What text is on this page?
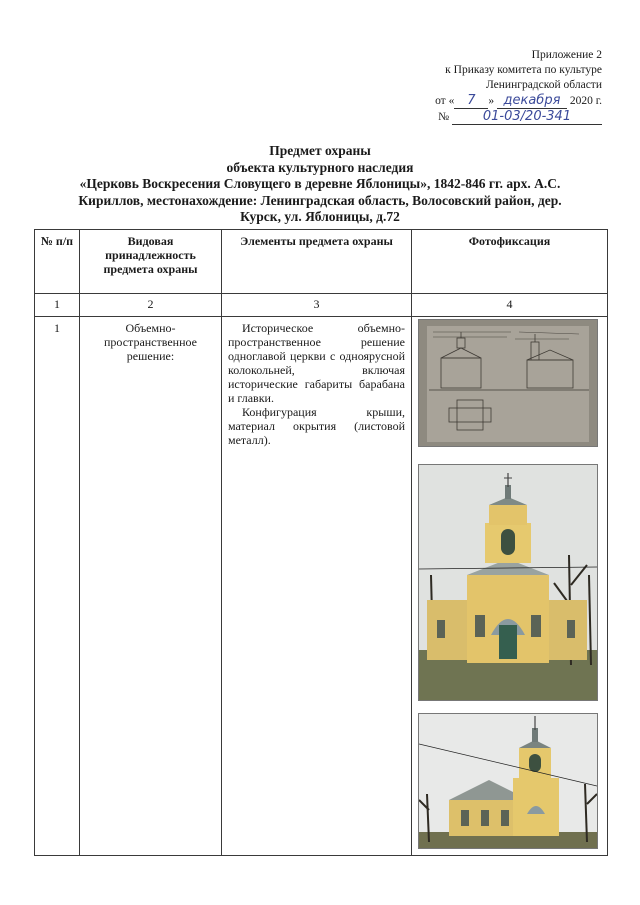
Приложение 2
к Приказу комитета по культуре
Ленинградской области
от « 7 » декабря 2020 г.
№	01-03/20-341
Предмет охраны
объекта культурного наследия
«Церковь Воскресения Словущего в деревне Яблоницы», 1842-846 гг. арх. А.С.
Кириллов, местонахождение: Ленинградская область, Волосовский район, дер.
Курск, ул. Яблоницы, д.72
№ п/п	Видовая принадлежность предмета охраны	Элементы предмета охраны	Фотофиксация
1	2	3	4
1	Объемно-пространственное решение:	Историческое объемно-пространственное решение одноглавой церкви с одноярусной колокольней, включая исторические габариты барабана и главки.

Конфигурация крыши, материал окрытия (листовой металл).
